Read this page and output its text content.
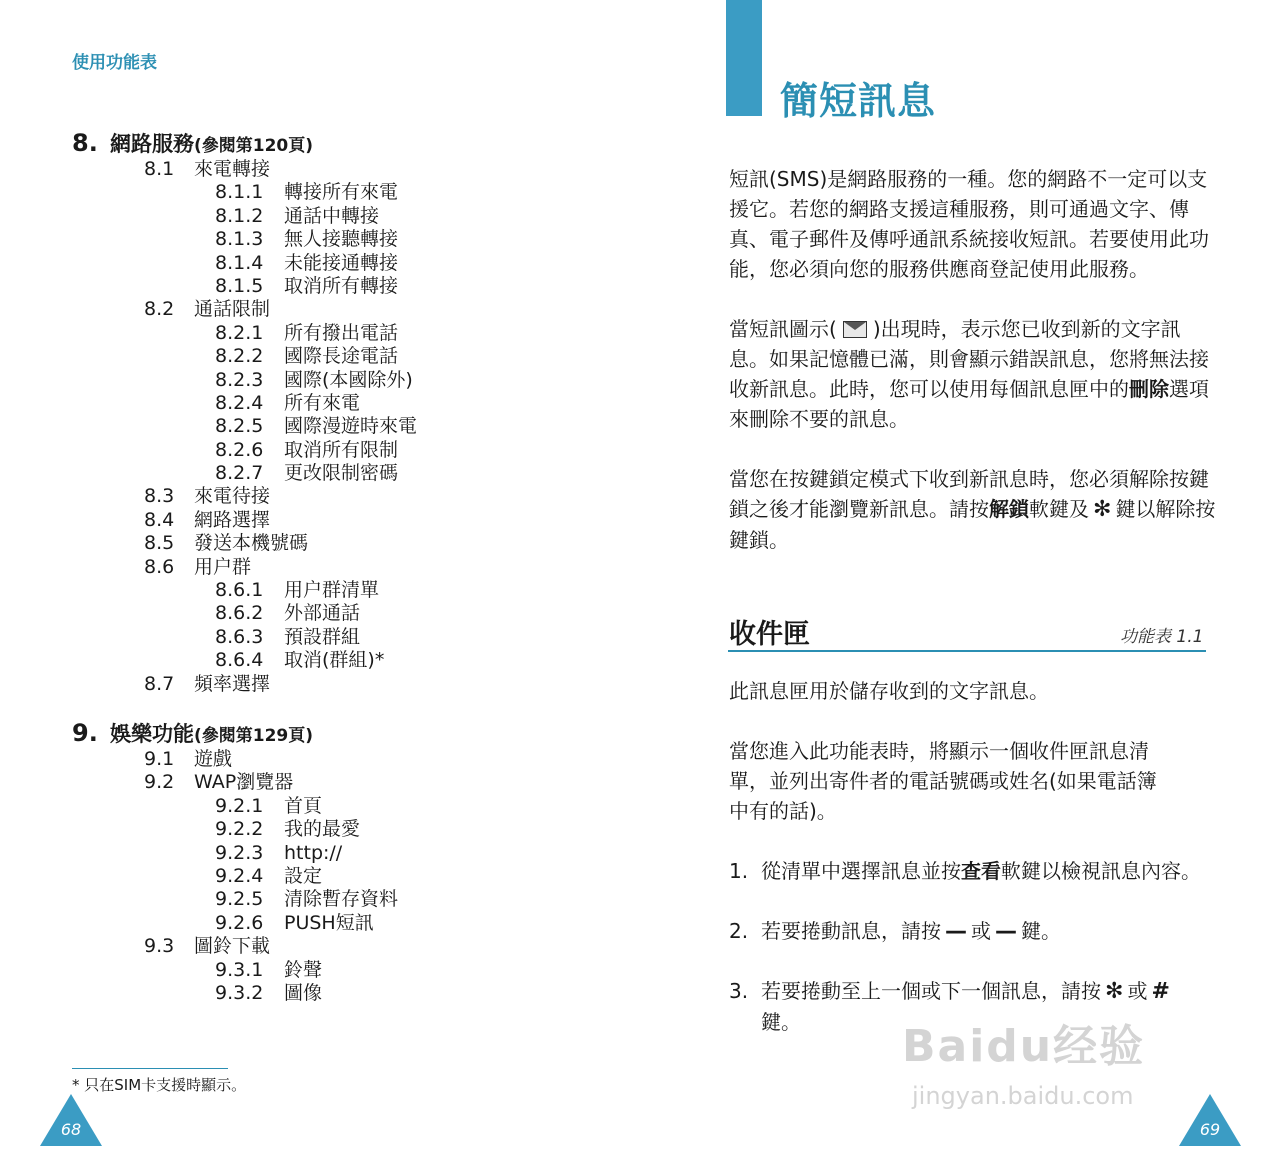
使用功能表
8. 網路服務(參閱第120頁)
8.1 來電轉接
8.1.1 轉接所有來電
8.1.2 通話中轉接
8.1.3 無人接聽轉接
8.1.4 未能接通轉接
8.1.5 取消所有轉接
8.2 通話限制
8.2.1 所有撥出電話
8.2.2 國際長途電話
8.2.3 國際(本國除外)
8.2.4 所有來電
8.2.5 國際漫遊時來電
8.2.6 取消所有限制
8.2.7 更改限制密碼
8.3 來電待接
8.4 網路選擇
8.5 發送本機號碼
8.6 用户群
8.6.1 用户群清單
8.6.2 外部通話
8.6.3 預設群組
8.6.4 取消(群組)*
8.7 頻率選擇
9. 娛樂功能(參閱第129頁)
9.1 遊戲
9.2 WAP瀏覽器
9.2.1 首頁
9.2.2 我的最愛
9.2.3 http://
9.2.4 設定
9.2.5 清除暫存資料
9.2.6 PUSH短訊
9.3 圖鈴下載
9.3.1 鈴聲
9.3.2 圖像
* 只在SIM卡支援時顯示。
68
簡短訊息
短訊(SMS)是網路服務的一種。您的網路不一定可以支援它。若您的網路支援這種服務，則可通過文字、傳真、電子郵件及傳呼通訊系統接收短訊。若要使用此功能，您必須向您的服務供應商登記使用此服務。
當短訊圖示( )出現時，表示您已收到新的文字訊息。如果記憶體已滿，則會顯示錯誤訊息，您將無法接收新訊息。此時，您可以使用每個訊息匣中的刪除選項來刪除不要的訊息。
當您在按鍵鎖定模式下收到新訊息時，您必須解除按鍵鎖之後才能瀏覽新訊息。請按解鎖軟鍵及 ✻ 鍵以解除按鍵鎖。
收件匣	功能表 1.1
此訊息匣用於儲存收到的文字訊息。
當您進入此功能表時，將顯示一個收件匣訊息清單，並列出寄件者的電話號碼或姓名(如果電話簿中有的話)。
1. 從清單中選擇訊息並按查看軟鍵以檢視訊息內容。
2. 若要捲動訊息，請按 — 或 — 鍵。
3. 若要捲動至上一個或下一個訊息，請按 ✻ 或 #鍵。	Baidu经验
jingyan.baidu.com
69
